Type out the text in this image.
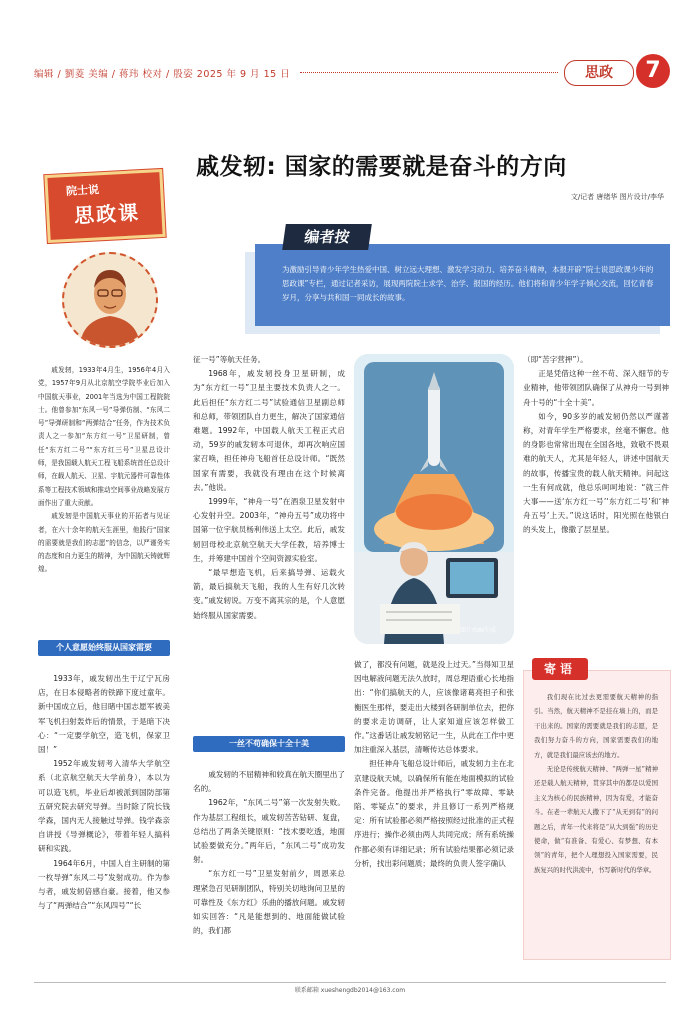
编辑 / 劉菱 美编 / 蒋玮 校对 / 殷姿 2025 年 9 月 15 日	思政	7
戚发轫: 国家的需要就是奋斗的方向
文/记者 唐绪华 图片设计/李华
院士说
思政课
编者按
为激励引导青少年学生热爱中国、树立远大理想、激发学习动力、培养奋斗精神，本报开辟“院士说思政课少年的思政课”专栏，通过记者采访，展现两院院士求学、治学、报国的经历。他们将和青少年学子倾心交流，回忆青春岁月，分享与共和国一同成长的故事。

戚发轫，1933年4月生，1956年4月入党，1957年9月从北京航空学院毕业后加入中国航天事业，2001年当选为中国工程院院士。他曾参加“东风一号”导弹仿制、“东风二号”导弹研制和“两弹结合”任务，作为技术负责人之一参加“东方红一号”卫星研制，曾任“东方红二号”“东方红三号”卫星总设计师，是我国载人航天工程飞船系统首任总设计师，在载人航天、卫星、宇航元器件可靠性体系等工程技术领域和推动空间事业战略发展方面作出了重大贡献。

戚发轫是中国航天事业的开拓者与见证者，在六十余年的航天生涯里，他践行“国家的需要就是我们的志愿”的信念，以严谨务实的态度和自力更生的精神，为中国航天铸就辉煌。

个人意愿始终服从国家需要

1933年，戚发轫出生于辽宁瓦房店，在日本侵略者的铁蹄下度过童年。新中国成立后，他目睹中国志愿军被美军飞机扫射轰炸后的情景，于是暗下决心：“一定要学航空，造飞机，保家卫国！”

1952年戚发轫考入清华大学航空系（北京航空航天大学前身），本以为可以造飞机，毕业后却被派到国防部第五研究院去研究导弹。当时除了院长钱学森，国内无人接触过导弹。钱学森亲自讲授《导弹概论》，带着年轻人搞科研和实践。

1964年6月，中国人自主研制的第一枚导弹“东风二号”发射成功。作为参与者，戚发轫倍感自豪。接着，他又参与了“两弹结合”“东风四号”“长

征一号”等航天任务。

1968年，戚发轫投身卫星研制，成为“东方红一号”卫星主要技术负责人之一。此后担任“东方红二号”试验通信卫星副总师和总师，带领团队自力更生，解决了国家通信难题。1992年，中国载人航天工程正式启动，59岁的戚发轫本可退休，却再次响应国家召唤，担任神舟飞船首任总设计师。“既然国家有需要，我就没有理由在这个时候离去。”他说。

1999年，“神舟一号”在酒泉卫星发射中心发射升空。2003年，“神舟五号”成功将中国第一位宇航员杨利伟送上太空。此后，戚发轫回母校北京航空航天大学任教，培养博士生，并筹建中国首个空间资源实验室。

“最早想造飞机，后来搞导弹、运载火箭，最后搞航天飞船，我的人生有好几次转变。”戚发轫说。万变不离其宗的是，个人意愿始终服从国家需要。

一丝不苟确保十全十美

戚发轫的不屈精神和较真在航天圈里出了名的。

1962年，“东风二号”第一次发射失败。作为基层工程组长，戚发轫苦苦钻研、复盘，总结出了两条关键原则：“技术要吃透，地面试验要做充分。”两年后，“东风二号”成功发射。

“东方红一号”卫星发射前夕，周恩来总理紧急召见研制团队，特别关切地询问卫星的可靠性及《东方红》乐曲的播放问题。戚发轫如实回答：“凡是能想到的、地面能做试验的，我们都

图片由AI生成

做了，都没有问题，就是没上过天。”当得知卫星因电解液问题无法久放时，周总理语重心长地指出：“你们搞航天的人，应该像诸葛亮担子和张衡医生那样，要走出大楼到各研制单位去，把你的要求走访调研，让人家知道应该怎样做工作。”这番话让戚发轫铭记一生，从此在工作中更加注重深入基层，清晰传达总体要求。

担任神舟飞船总设计师后，戚发轫力主在北京建设航天城，以确保所有能在地面模拟的试验条件完备。他提出并严格执行“零故障、零缺陷、零疑点”的要求，并且修订一系列严格规定：所有试验都必须严格按照经过批准的正式程序进行；操作必须由两人共同完成；所有系统操作都必须有详细记录；所有试验结果都必须记录分析，找出彩问题质；最终的负责人签字确认

（即“苦字营押”）。

正是凭借这种一丝不苟、深入细节的专业精神，他带领团队确保了从神舟一号到神舟十号的“十全十美”。

如今，90多岁的戚发轫仍然以严谨著称，对青年学生严格要求，丝毫不懈怠。他的身影也常常出现在全国各地，致敬不畏艰难的航天人，尤其是年轻人，讲述中国航天的故事，传播宝贵的载人航天精神。问起这一生有何成就，他总乐呵呵地说：“就三件大事——送‘东方红一号’‘东方红二号’和‘神舟五号’上天。”说这话时，阳光照在他银白的头发上，像撒了层星星。

寄语

我们现在比过去更需要航天精神的指引。当然，航天精神不是挂在墙上的，而是干出来的。国家的需要就是我们的志愿，是我们努力奋斗的方向，国家需要我们的地方，就是我们最应该去的地方。

无论是传统航天精神、“两弹一星”精神还是载人航天精神，贯穿其中的都是以爱国主义为核心的民族精神，因为有爱，才能奋斗。在老一辈航天人撒下了“从无到有”的问题之后，青年一代来将是“从大到强”的历史使命，做“有准备、有爱心、有梦想、有本领”的青年，把个人理想投入国家需要，民族复兴的时代洪流中，书写新时代的华章。

联系邮箱 xueshengdb2014@163.com
